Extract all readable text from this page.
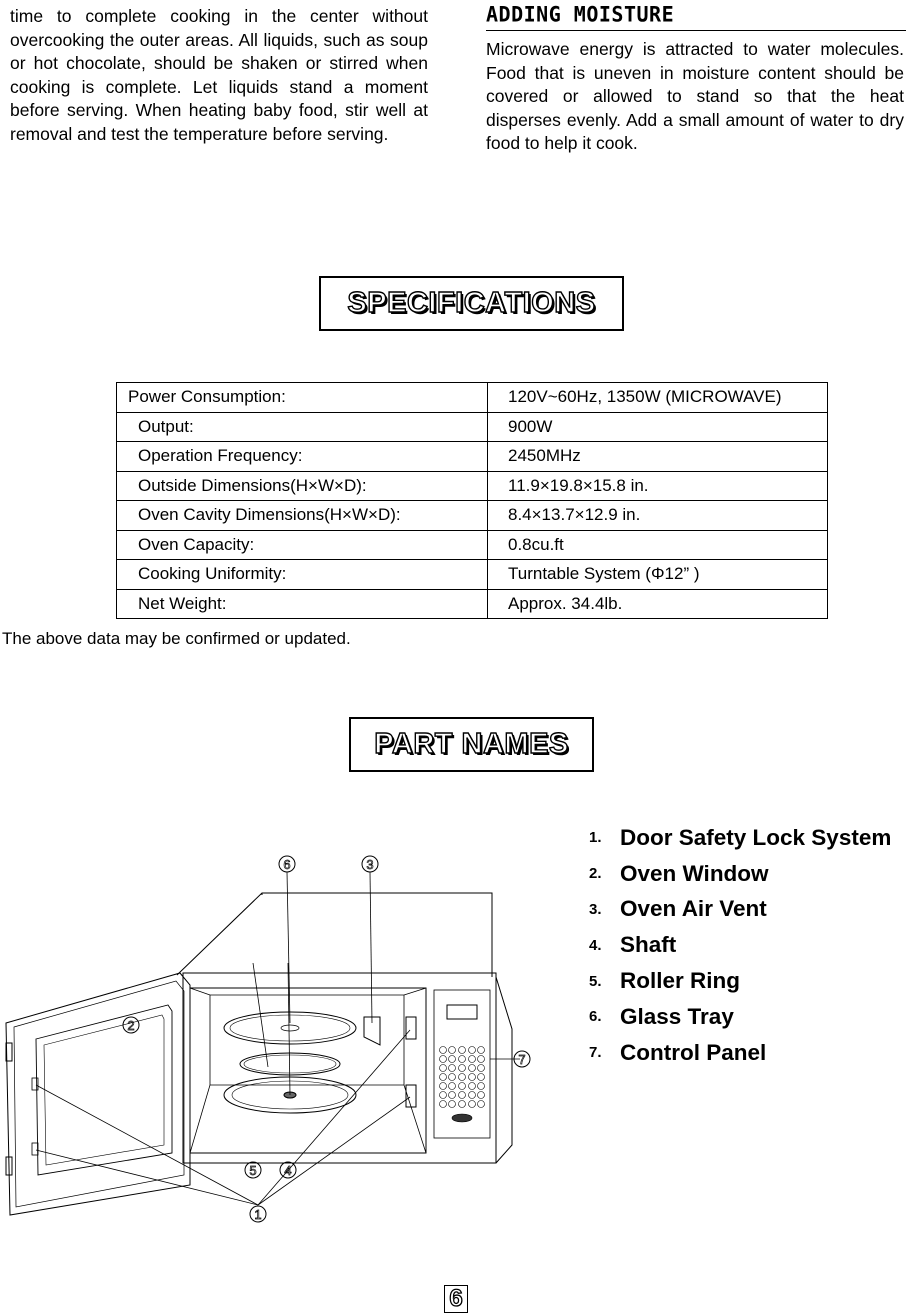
time to complete cooking in the center without overcooking the outer areas. All liquids, such as soup or hot chocolate, should be shaken or stirred when cooking is complete. Let liquids stand a moment before serving. When heating baby food, stir well at removal and test the temperature before serving.

ADDING MOISTURE

Microwave energy is attracted to water molecules. Food that is uneven in moisture content should be covered or allowed to stand so that the heat disperses evenly. Add a small amount of water to dry food to help it cook.

SPECIFICATIONS
Power Consumption:	120V~60Hz, 1350W (MICROWAVE)
Output:	900W
Operation Frequency:	2450MHz
Outside Dimensions(H×W×D):	11.9×19.8×15.8 in.
Oven Cavity Dimensions(H×W×D):	8.4×13.7×12.9 in.
Oven Capacity:	0.8cu.ft
Cooking Uniformity:	Turntable System (Φ12” )
Net Weight:	Approx. 34.4lb.
The above data may be confirmed or updated.
PART NAMES
1
2
3
4
5
6
7
1. Door Safety Lock System
2. Oven Window
3. Oven Air Vent
4. Shaft
5. Roller Ring
6. Glass Tray
7. Control Panel
6
